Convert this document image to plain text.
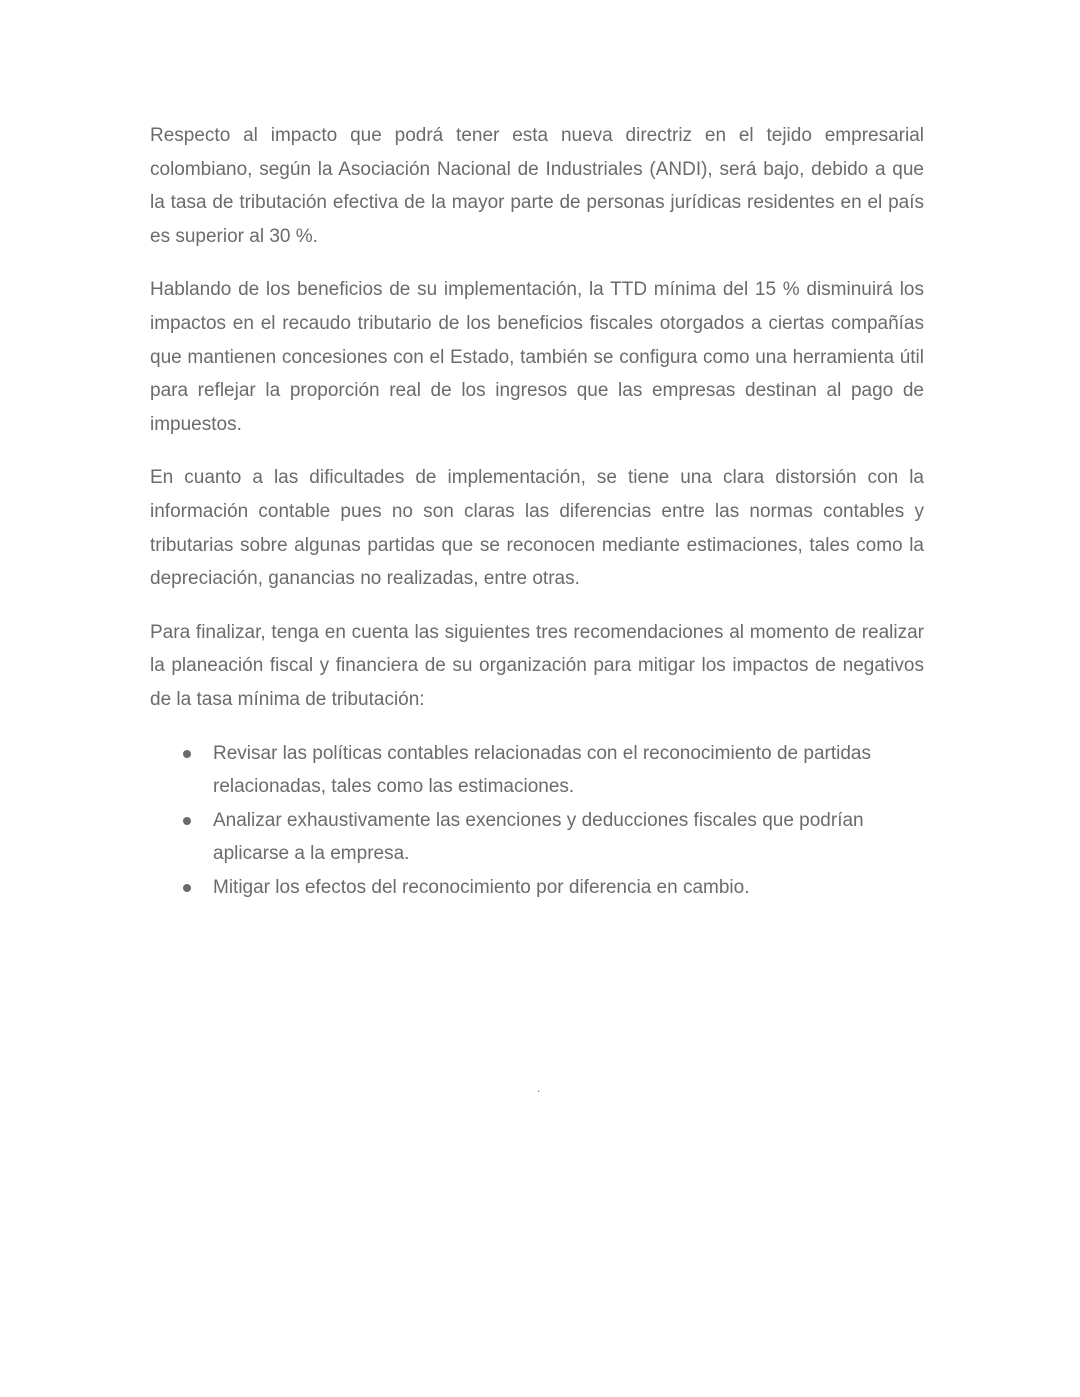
Respecto al impacto que podrá tener esta nueva directriz en el tejido empresarial colombiano, según la Asociación Nacional de Industriales (ANDI), será bajo, debido a que la tasa de tributación efectiva de la mayor parte de personas jurídicas residentes en el país es superior al 30 %.

Hablando de los beneficios de su implementación, la TTD mínima del 15 % disminuirá los impactos en el recaudo tributario de los beneficios fiscales otorgados a ciertas compañías que mantienen concesiones con el Estado, también se configura como una herramienta útil para reflejar la proporción real de los ingresos que las empresas destinan al pago de impuestos.

En cuanto a las dificultades de implementación, se tiene una clara distorsión con la información contable pues no son claras las diferencias entre las normas contables y tributarias sobre algunas partidas que se reconocen mediante estimaciones, tales como la depreciación, ganancias no realizadas, entre otras.

Para finalizar, tenga en cuenta las siguientes tres recomendaciones al momento de realizar la planeación fiscal y financiera de su organización para mitigar los impactos de negativos de la tasa mínima de tributación:

Revisar las políticas contables relacionadas con el reconocimiento de partidas relacionadas, tales como las estimaciones.
Analizar exhaustivamente las exenciones y deducciones fiscales que podrían aplicarse a la empresa.
Mitigar los efectos del reconocimiento por diferencia en cambio.
.
